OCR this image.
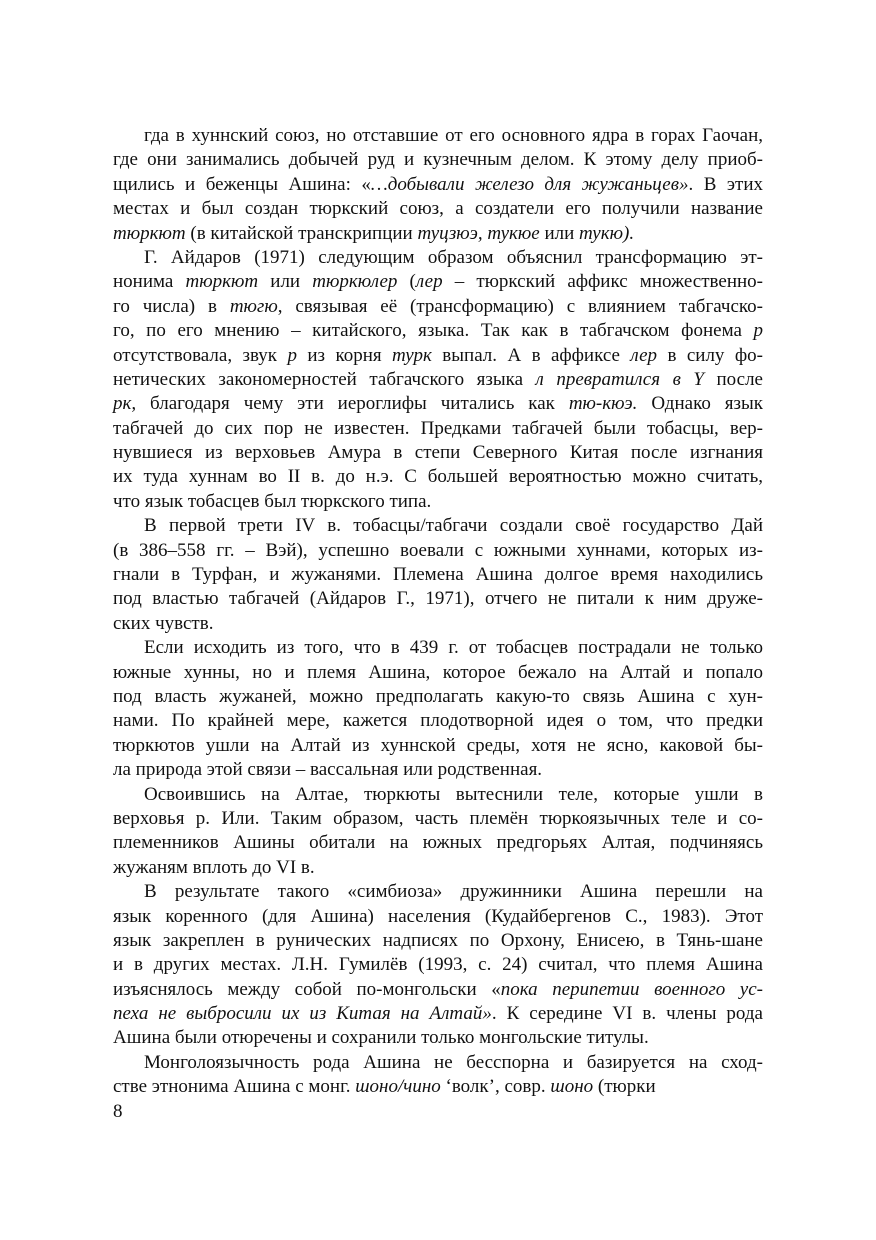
гда в хуннский союз, но отставшие от его основного ядра в горах Гаочан,
где они занимались добычей руд и кузнечным делом. К этому делу приоб-
щились и беженцы Ашина: «…добывали железо для жужаньцев». В этих
местах и был создан тюркский союз, а создатели его получили название
тюркют (в китайской транскрипции туцзюэ, тукюе или тукю).
Г. Айдаров (1971) следующим образом объяснил трансформацию эт-
нонима тюркют или тюркюлер (лер – тюркский аффикс множественно-
го числа) в тюгю, связывая её (трансформацию) с влиянием табгачско-
го, по его мнению – китайского, языка. Так как в табгачском фонема р
отсутствовала, звук р из корня турк выпал. А в аффиксе лер в силу фо-
нетических закономерностей табгачского языка л превратился в Y после
рк, благодаря чему эти иероглифы читались как тю-кюэ. Однако язык
табгачей до сих пор не известен. Предками табгачей были тобасцы, вер-
нувшиеся из верховьев Амура в степи Северного Китая после изгнания
их туда хуннам во II в. до н.э. С большей вероятностью можно считать,
что язык тобасцев был тюркского типа.
В первой трети IV в. тобасцы/табгачи создали своё государство Дай
(в 386–558 гг. – Вэй), успешно воевали с южными хуннами, которых из-
гнали в Турфан, и жужанями. Племена Ашина долгое время находились
под властью табгачей (Айдаров Г., 1971), отчего не питали к ним друже-
ских чувств.
Если исходить из того, что в 439 г. от тобасцев пострадали не только
южные хунны, но и племя Ашина, которое бежало на Алтай и попало
под власть жужаней, можно предполагать какую-то связь Ашина с хун-
нами. По крайней мере, кажется плодотворной идея о том, что предки
тюркютов ушли на Алтай из хуннской среды, хотя не ясно, каковой бы-
ла природа этой связи – вассальная или родственная.
Освоившись на Алтае, тюркюты вытеснили теле, которые ушли в
верховья р. Или. Таким образом, часть племён тюркоязычных теле и со-
племенников Ашины обитали на южных предгорьях Алтая, подчиняясь
жужаням вплоть до VI в.
В результате такого «симбиоза» дружинники Ашина перешли на
язык коренного (для Ашина) населения (Кудайбергенов С., 1983). Этот
язык закреплен в рунических надписях по Орхону, Енисею, в Тянь-шане
и в других местах. Л.Н. Гумилёв (1993, с. 24) считал, что племя Ашина
изъяснялось между собой по-монгольски «пока перипетии военного ус-
пеха не выбросили их из Китая на Алтай». К середине VI в. члены рода
Ашина были отюречены и сохранили только монгольские титулы.
Монголоязычность рода Ашина не бесспорна и базируется на сход-
стве этнонима Ашина с монг. шоно/чино ‘волк’, совр. шоно (тюрки
8
